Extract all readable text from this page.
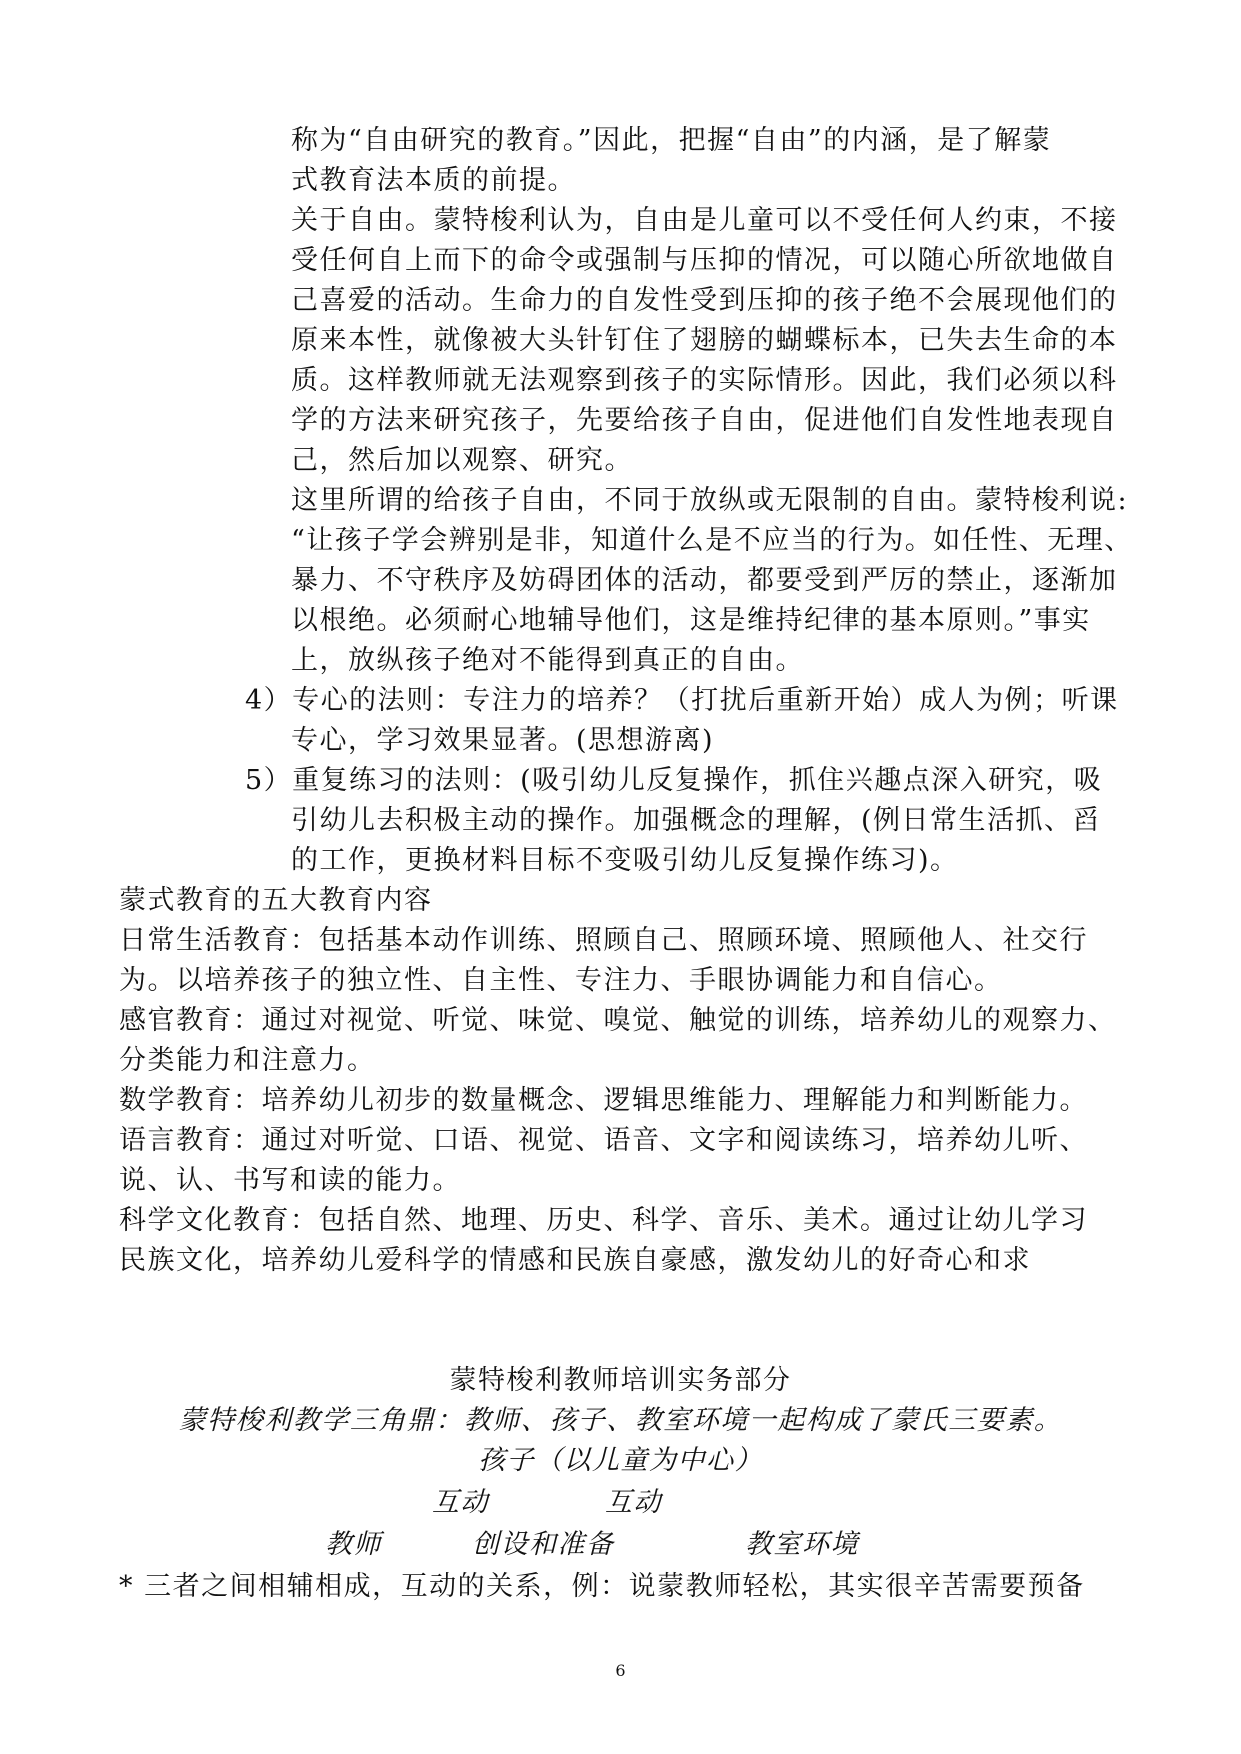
称为“自由研究的教育。”因此，把握“自由”的内涵，是了解蒙
式教育法本质的前提。
关于自由。蒙特梭利认为，自由是儿童可以不受任何人约束，不接
受任何自上而下的命令或强制与压抑的情况，可以随心所欲地做自
己喜爱的活动。生命力的自发性受到压抑的孩子绝不会展现他们的
原来本性，就像被大头针钉住了翅膀的蝴蝶标本，已失去生命的本
质。这样教师就无法观察到孩子的实际情形。因此，我们必须以科
学的方法来研究孩子，先要给孩子自由，促进他们自发性地表现自
己，然后加以观察、研究。
这里所谓的给孩子自由，不同于放纵或无限制的自由。蒙特梭利说:
“让孩子学会辨别是非，知道什么是不应当的行为。如任性、无理、
暴力、不守秩序及妨碍团体的活动，都要受到严厉的禁止，逐渐加
以根绝。必须耐心地辅导他们，这是维持纪律的基本原则。”事实
上，放纵孩子绝对不能得到真正的自由。
4）专心的法则：专注力的培养？（打扰后重新开始）成人为例；听课
专心，学习效果显著。(思想游离)
5）重复练习的法则：(吸引幼儿反复操作，抓住兴趣点深入研究，吸
引幼儿去积极主动的操作。加强概念的理解，(例日常生活抓、舀
的工作，更换材料目标不变吸引幼儿反复操作练习)。
蒙式教育的五大教育内容
日常生活教育：包括基本动作训练、照顾自己、照顾环境、照顾他人、社交行
为。以培养孩子的独立性、自主性、专注力、手眼协调能力和自信心。
感官教育：通过对视觉、听觉、味觉、嗅觉、触觉的训练，培养幼儿的观察力、
分类能力和注意力。
数学教育：培养幼儿初步的数量概念、逻辑思维能力、理解能力和判断能力。
语言教育：通过对听觉、口语、视觉、语音、文字和阅读练习，培养幼儿听、
说、认、书写和读的能力。
科学文化教育：包括自然、地理、历史、科学、音乐、美术。通过让幼儿学习
民族文化，培养幼儿爱科学的情感和民族自豪感，激发幼儿的好奇心和求
蒙特梭利教师培训实务部分
蒙特梭利教学三角鼎：教师、孩子、教室环境一起构成了蒙氏三要素。
孩子（以儿童为中心）
互动	互动
教师	创设和准备	教室环境
* 三者之间相辅相成，互动的关系，例：说蒙教师轻松，其实很辛苦需要预备
6
